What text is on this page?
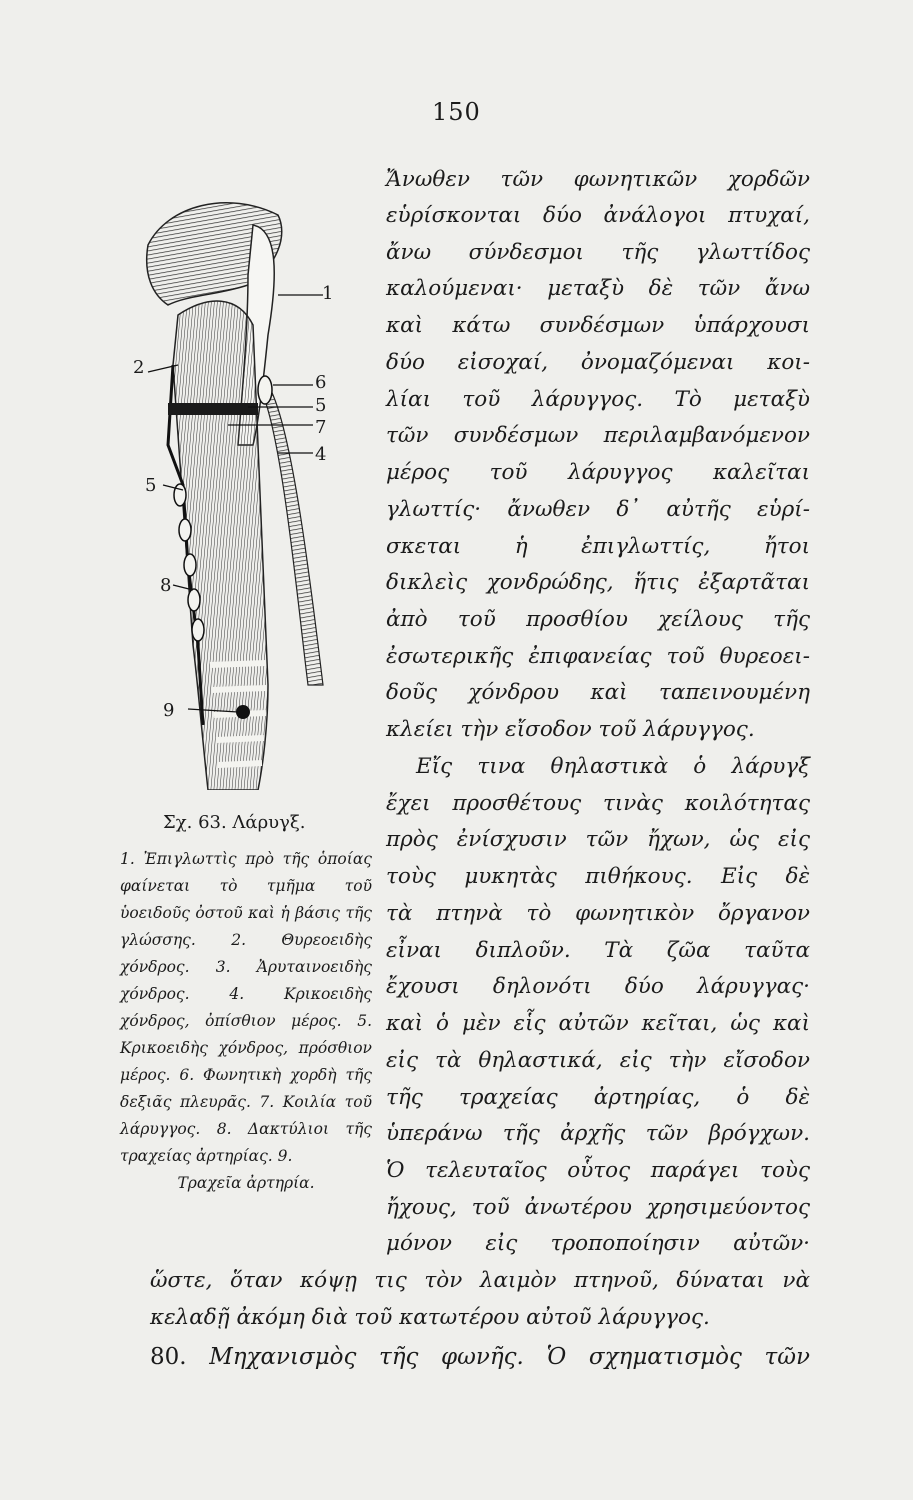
150
1
2
6
5
7
4
5
8
9
Σχ. 63. Λάρυγξ.
1. Ἐπιγλωττὶς πρὸ τῆς ὁποίας φαίνεται τὸ τμῆμα τοῦ ὑοειδοῦς ὀστοῦ καὶ ἡ βάσις τῆς γλώσσης. 2. Θυρεοειδὴς χόνδρος. 3. Ἀρυταινοειδὴς χόνδρος. 4. Κρικοειδὴς χόνδρος, ὀπίσθιον μέρος. 5. Κρικοειδὴς χόνδρος, πρόσθιον μέρος. 6. Φωνητικὴ χορδὴ τῆς δεξιᾶς πλευρᾶς. 7. Κοιλία τοῦ λάρυγγος. 8. Δακτύλιοι τῆς τραχείας ἀρτηρίας. 9.
Τραχεῖα ἀρτηρία.
Ἄνωθεν τῶν φωνητικῶν χορδῶν
εὑρίσκονται δύο ἀνάλογοι πτυχαί,
ἄνω σύνδεσμοι τῆς γλωττίδος
καλούμεναι· μεταξὺ δὲ τῶν ἄνω
καὶ κάτω συνδέσμων ὑπάρχουσι
δύο εἰσοχαί, ὀνομαζόμεναι κοι-
λίαι τοῦ λάρυγγος. Τὸ μεταξὺ
τῶν συνδέσμων περιλαμβανόμενον
μέρος τοῦ λάρυγγος καλεῖται
γλωττίς· ἄνωθεν δ᾽ αὐτῆς εὑρί-
σκεται ἡ ἐπιγλωττίς, ἤτοι
δικλεὶς χονδρώδης, ἥτις ἐξαρτᾶται
ἀπὸ τοῦ προσθίου χείλους τῆς
ἐσωτερικῆς ἐπιφανείας τοῦ θυρεοει-
δοῦς χόνδρου καὶ ταπεινουμένη
κλείει τὴν εἴσοδον τοῦ λάρυγγος.
Εἴς τινα θηλαστικὰ ὁ λάρυγξ
ἔχει προσθέτους τινὰς κοιλότητας
πρὸς ἐνίσχυσιν τῶν ἤχων, ὡς εἰς
τοὺς μυκητὰς πιθήκους. Εἰς δὲ
τὰ πτηνὰ τὸ φωνητικὸν ὄργανον
εἶναι διπλοῦν. Τὰ ζῶα ταῦτα
ἔχουσι δηλονότι δύο λάρυγγας·
καὶ ὁ μὲν εἷς αὐτῶν κεῖται, ὡς καὶ
εἰς τὰ θηλαστικά, εἰς τὴν εἴσοδον
τῆς τραχείας ἀρτηρίας, ὁ δὲ
ὑπεράνω τῆς ἀρχῆς τῶν βρόγχων.
Ὁ τελευταῖος οὗτος παράγει τοὺς
ἤχους, τοῦ ἀνωτέρου χρησιμεύοντος
μόνον εἰς τροποποίησιν αὐτῶν·
ὥστε, ὅταν κόψῃ τις τὸν λαιμὸν πτηνοῦ, δύναται νὰ
κελαδῇ ἀκόμη διὰ τοῦ κατωτέρου αὐτοῦ λάρυγγος.
80. Μηχανισμὸς τῆς φωνῆς. Ὁ σχηματισμὸς τῶν
